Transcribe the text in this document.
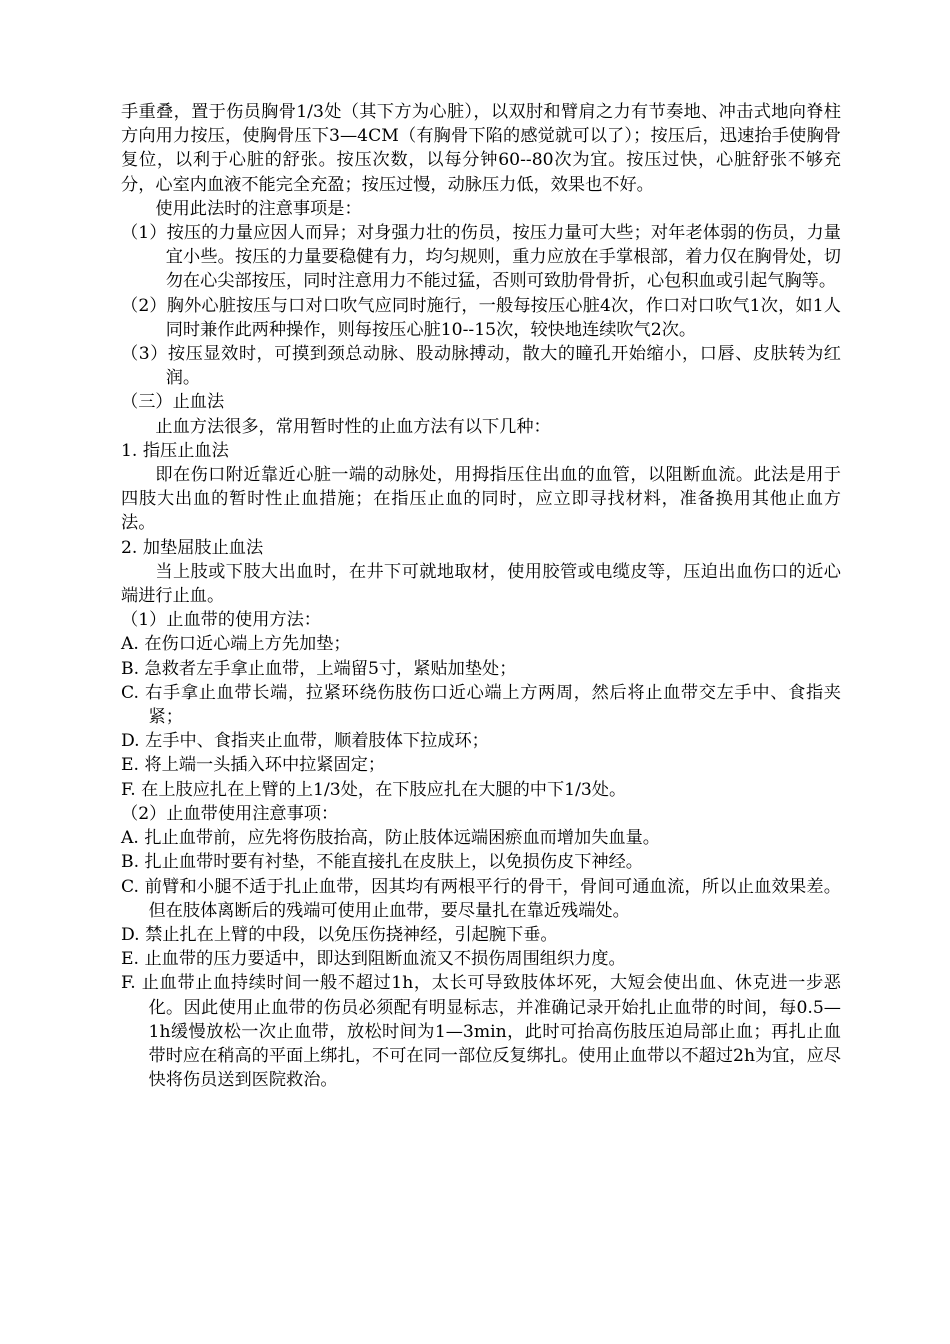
手重叠，置于伤员胸骨1/3处（其下方为心脏），以双肘和臂肩之力有节奏地、冲击式地向脊柱方向用力按压，使胸骨压下3—4CM（有胸骨下陷的感觉就可以了）；按压后，迅速抬手使胸骨复位，以利于心脏的舒张。按压次数，以每分钟60--80次为宜。按压过快，心脏舒张不够充分，心室内血液不能完全充盈；按压过慢，动脉压力低，效果也不好。

使用此法时的注意事项是：

（1）按压的力量应因人而异；对身强力壮的伤员，按压力量可大些；对年老体弱的伤员，力量宜小些。按压的力量要稳健有力，均匀规则，重力应放在手掌根部，着力仅在胸骨处，切勿在心尖部按压，同时注意用力不能过猛，否则可致肋骨骨折，心包积血或引起气胸等。

（2）胸外心脏按压与口对口吹气应同时施行，一般每按压心脏4次，作口对口吹气1次，如1人同时兼作此两种操作，则每按压心脏10--15次，较快地连续吹气2次。

（3）按压显效时，可摸到颈总动脉、股动脉搏动，散大的瞳孔开始缩小，口唇、皮肤转为红润。

（三）止血法

止血方法很多，常用暂时性的止血方法有以下几种：

1. 指压止血法

即在伤口附近靠近心脏一端的动脉处，用拇指压住出血的血管，以阻断血流。此法是用于四肢大出血的暂时性止血措施；在指压止血的同时，应立即寻找材料，准备换用其他止血方法。

2. 加垫屈肢止血法

当上肢或下肢大出血时，在井下可就地取材，使用胶管或电缆皮等，压迫出血伤口的近心端进行止血。

（1）止血带的使用方法：

A. 在伤口近心端上方先加垫；

B. 急救者左手拿止血带，上端留5寸，紧贴加垫处；

C. 右手拿止血带长端，拉紧环绕伤肢伤口近心端上方两周，然后将止血带交左手中、食指夹紧；

D. 左手中、食指夹止血带，顺着肢体下拉成环；

E. 将上端一头插入环中拉紧固定；

F. 在上肢应扎在上臂的上1/3处，在下肢应扎在大腿的中下1/3处。

（2）止血带使用注意事项：

A. 扎止血带前，应先将伤肢抬高，防止肢体远端困瘀血而增加失血量。

B. 扎止血带时要有衬垫，不能直接扎在皮肤上，以免损伤皮下神经。

C. 前臂和小腿不适于扎止血带，因其均有两根平行的骨干，骨间可通血流，所以止血效果差。但在肢体离断后的残端可使用止血带，要尽量扎在靠近残端处。

D. 禁止扎在上臂的中段，以免压伤挠神经，引起腕下垂。

E. 止血带的压力要适中，即达到阻断血流又不损伤周围组织力度。

F. 止血带止血持续时间一般不超过1h，太长可导致肢体坏死，大短会使出血、休克进一步恶化。因此使用止血带的伤员必须配有明显标志，并准确记录开始扎止血带的时间，每0.5—1h缓慢放松一次止血带，放松时间为1—3min，此时可抬高伤肢压迫局部止血；再扎止血带时应在稍高的平面上绑扎，不可在同一部位反复绑扎。使用止血带以不超过2h为宜，应尽快将伤员送到医院救治。
